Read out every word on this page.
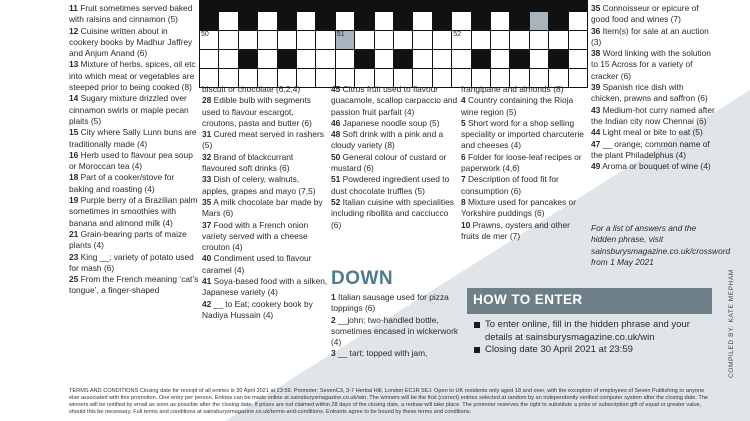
50	51	52
11 Fruit sometimes served baked with raisins and cinnamon (5)
12 Cuisine written about in cookery books by Madhur Jaffrey and Anjum Anand (6)
13 Mixture of herbs, spices, oil etc into which meat or vegetables are steeped prior to being cooked (8)
14 Sugary mixture drizzled over cinnamon swirls or maple pecan plaits (5)
15 City where Sally Lunn buns are traditionally made (4)
16 Herb used to flavour pea soup or Moroccan tea (4)
18 Part of a cooker/stove for baking and roasting (4)
19 Purple berry of a Brazilian palm sometimes in smoothies with banana and almond milk (4)
21 Grain-bearing parts of maize plants (4)
23 King __; variety of potato used for mash (6)
25 From the French meaning ‘cat’s tongue’, a finger-shaped
biscuit or chocolate (6,2,4)
28 Edible bulb with segments used to flavour escargot, croutons, pasta and butter (6)
31 Cured meat served in rashers (5)
32 Brand of blackcurrant flavoured soft drinks (6)
33 Dish of celery, walnuts, apples, grapes and mayo (7,5)
35 A milk chocolate bar made by Mars (6)
37 Food with a French onion variety served with a cheese crouton (4)
40 Condiment used to flavour caramel (4)
41 Soya-based food with a silken, Japanese variety (4)
42 __ to Eat; cookery book by Nadiya Hussain (4)
45 Citrus fruit used to flavour guacamole, scallop carpaccio and passion fruit parfait (4)
46 Japanese noodle soup (5)
48 Soft drink with a pink and a cloudy variety (8)
50 General colour of custard or mustard (6)
51 Powdered ingredient used to dust chocolate truffles (5)
52 Italian cuisine with specialities including ribollita and cacciucco (6)
DOWN
1 Italian sausage used for pizza toppings (6)
2 __john; two-handled bottle, sometimes encased in wickerwork (4)
3 __ tart; topped with jam,
frangipane and almonds (8)
4 Country containing the Rioja wine region (5)
5 Short word for a shop selling speciality or imported charcuterie and cheeses (4)
6 Folder for loose-leaf recipes or paperwork (4,6)
7 Description of food fit for consumption (6)
8 Mixture used for pancakes or Yorkshire puddings (6)
10 Prawns, oysters and other fruits de mer (7)
35 Connoisseur or epicure of good food and wines (7)
36 Item(s) for sale at an auction (3)
38 Word linking with the solution to 15 Across for a variety of cracker (6)
39 Spanish rice dish with chicken, prawns and saffron (6)
43 Medium-hot curry named after the Indian city now Chennai (6)
44 Light meal or bite to eat (5)
47 __ orange; common name of the plant Philadelphus (4)
49 Aroma or bouquet of wine (4)
For a list of answers and the hidden phrase, visit sainsburysmagazine.co.uk/crossword from 1 May 2021
HOW TO ENTER
To enter online, fill in the hidden phrase and your details at sainsburysmagazine.co.uk/win
Closing date 30 April 2021 at 23:59
TERMS AND CONDITIONS Closing date for receipt of all entries is 30 April 2021 at 23:59. Promoter: SevenC3, 3-7 Herbal Hill, London EC1R 5EJ. Open to UK residents only aged 18 and over, with the exception of employees of Seven Publishing or anyone else associated with this promotion. One entry per person. Entries can be made online at sainsburysmagazine.co.uk/win. The winners will be the first (correct) entries selected at random by an independently verified computer system after the closing date. The winners will be notified by email as soon as possible after the closing date. If prizes are not claimed within 28 days of the closing date, a redraw will take place. The promoter reserves the right to substitute a prize or subscription gift of equal or greater value, should this be necessary. Full terms and conditions at sainsburysmagazine.co.uk/terms-and-conditions. Entrants agree to be bound by these terms and conditions.
COMPILED BY: KATE MEPHAM
